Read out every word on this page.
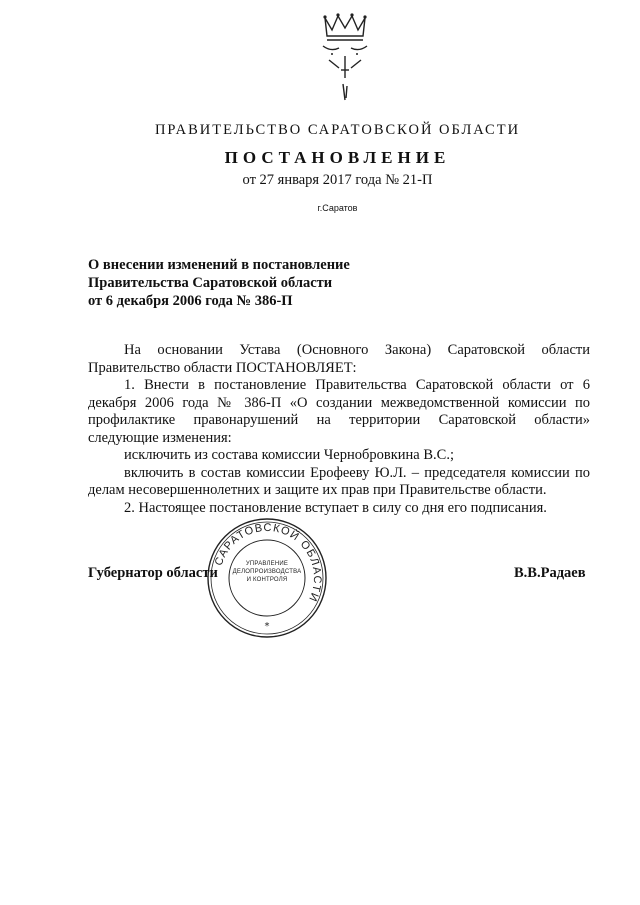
ПРАВИТЕЛЬСТВО САРАТОВСКОЙ ОБЛАСТИ
ПОСТАНОВЛЕНИЕ
от 27 января 2017 года № 21-П
г.Саратов
О внесении изменений в постановление
Правительства Саратовской области
от 6 декабря 2006 года № 386-П

На основании Устава (Основного Закона) Саратовской области Правительство области ПОСТАНОВЛЯЕТ:

1. Внести в постановление Правительства Саратовской области от 6 декабря 2006 года № 386-П «О создании межведомственной комиссии по профилактике правонарушений на территории Саратовской области» следующие изменения:

исключить из состава комиссии Чернобровкина В.С.;

включить в состав комиссии Ерофееву Ю.Л. – председателя комиссии по делам несовершеннолетних и защите их прав при Правительстве области.

2. Настоящее постановление вступает в силу со дня его подписания.

САРАТОВСКОЙ ОБЛАСТИ
*
УПРАВЛЕНИЕ
ДЕЛОПРОИЗВОДСТВА
И КОНТРОЛЯ
Губернатор области	В.В.Радаев
